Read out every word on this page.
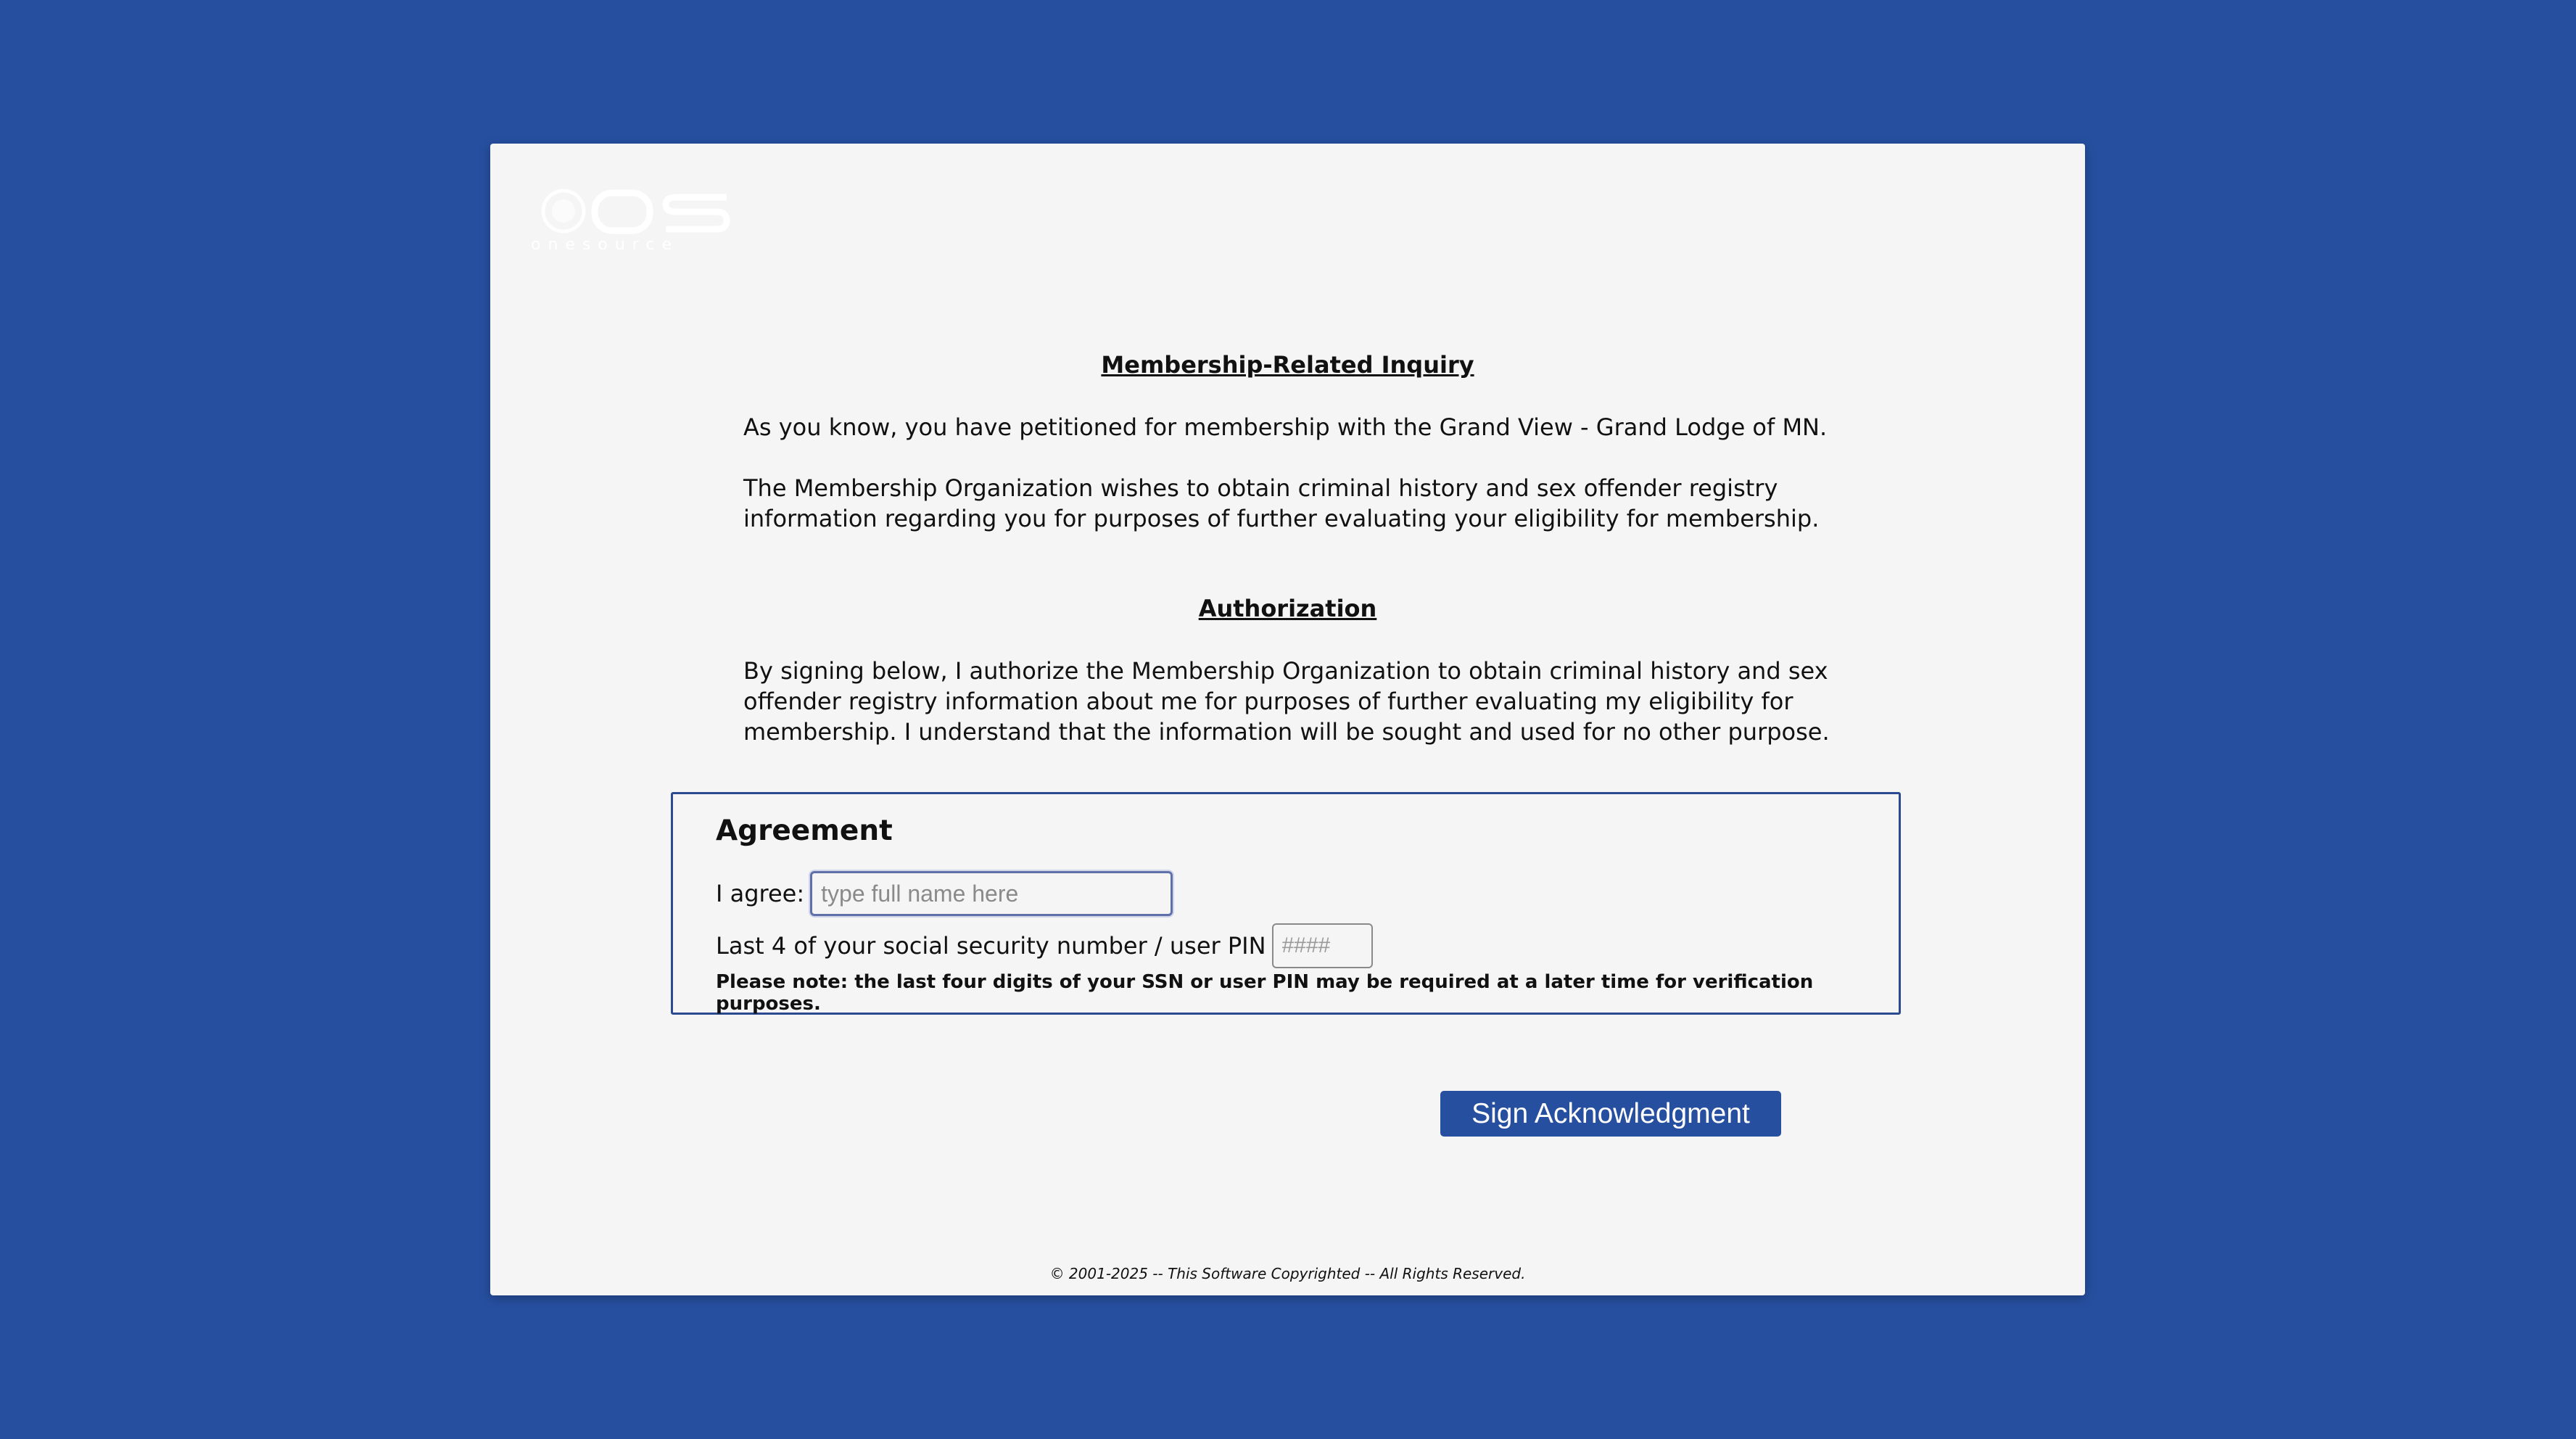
onesource
Membership-Related Inquiry
As you know, you have petitioned for membership with the Grand View - Grand Lodge of MN.
The Membership Organization wishes to obtain criminal history and sex offender registry information regarding you for purposes of further evaluating your eligibility for membership.
Authorization
By signing below, I authorize the Membership Organization to obtain criminal history and sex offender registry information about me for purposes of further evaluating my eligibility for membership. I understand that the information will be sought and used for no other purpose.
Agreement
I agree:
type full name here
Last 4 of your social security number / user PIN
####
Please note: the last four digits of your SSN or user PIN may be required at a later time for verification purposes.
Sign Acknowledgment
© 2001-2025 -- This Software Copyrighted -- All Rights Reserved.
